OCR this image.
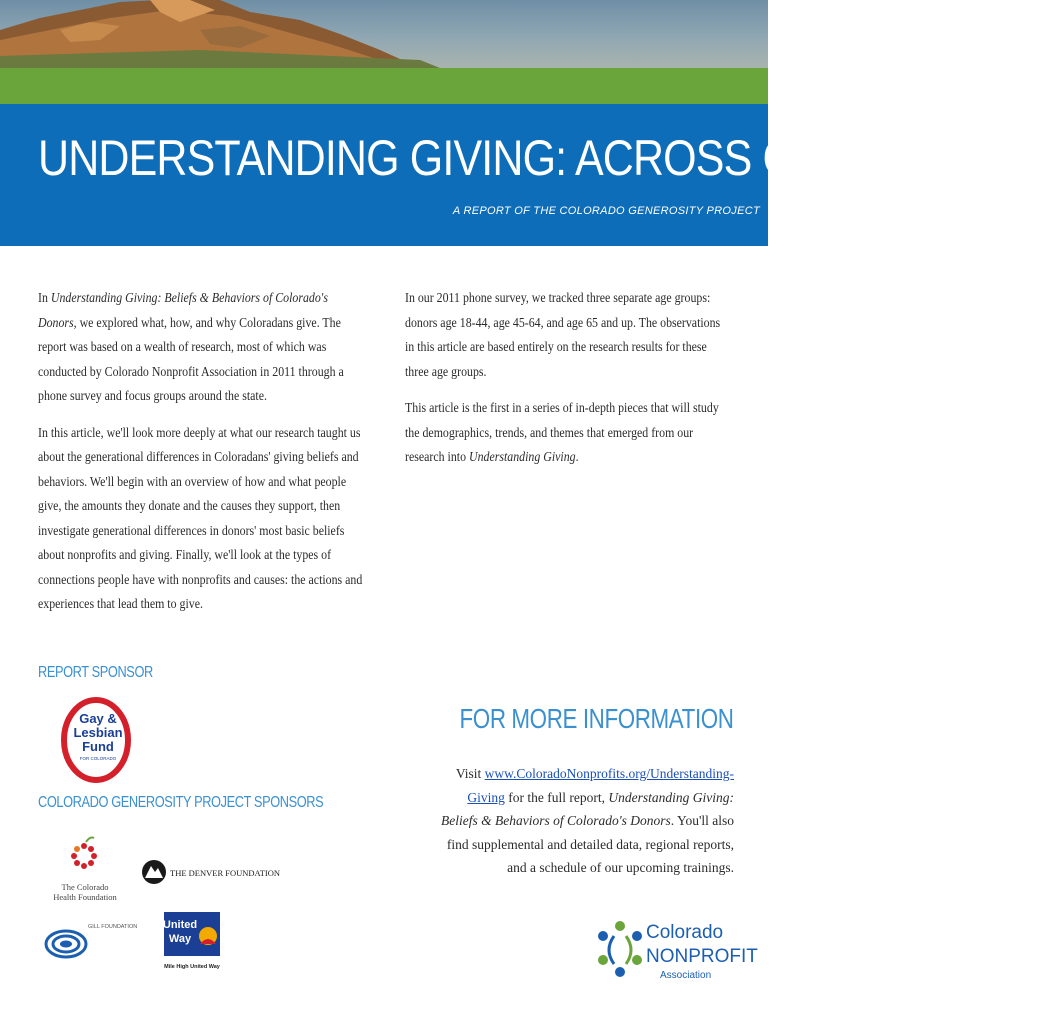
UNDERSTANDING GIVING: ACROSS GENERATIONS
A REPORT OF THE COLORADO GENEROSITY PROJECT

In Understanding Giving: Beliefs & Behaviors of Colorado's Donors, we explored what, how, and why Coloradans give. The report was based on a wealth of research, most of which was conducted by Colorado Nonprofit Association in 2011 through a phone survey and focus groups around the state.

In this article, we'll look more deeply at what our research taught us about the generational differences in Coloradans' giving beliefs and behaviors. We'll begin with an overview of how and what people give, the amounts they donate and the causes they support, then investigate generational differences in donors' most basic beliefs about nonprofits and giving. Finally, we'll look at the types of connections people have with nonprofits and causes: the actions and experiences that lead them to give.

In our 2011 phone survey, we tracked three separate age groups: donors age 18-44, age 45-64, and age 65 and up. The observations in this article are based entirely on the research results for these three age groups.

This article is the first in a series of in-depth pieces that will study the demographics, trends, and themes that emerged from our research into Understanding Giving.

REPORT SPONSOR
Gay &
Lesbian
Fund
FOR COLORADO
COLORADO GENEROSITY PROJECT SPONSORS
The Colorado
Health Foundation
THE DENVER FOUNDATION
GILL FOUNDATION United
Way
Mile High United Way
FOR MORE INFORMATION
Visit www.ColoradoNonprofits.org/Understanding-Giving for the full report, Understanding Giving: Beliefs & Behaviors of Colorado's Donors. You'll also find supplemental and detailed data, regional reports, and a schedule of our upcoming trainings.
Colorado
NONPROFIT
Association
